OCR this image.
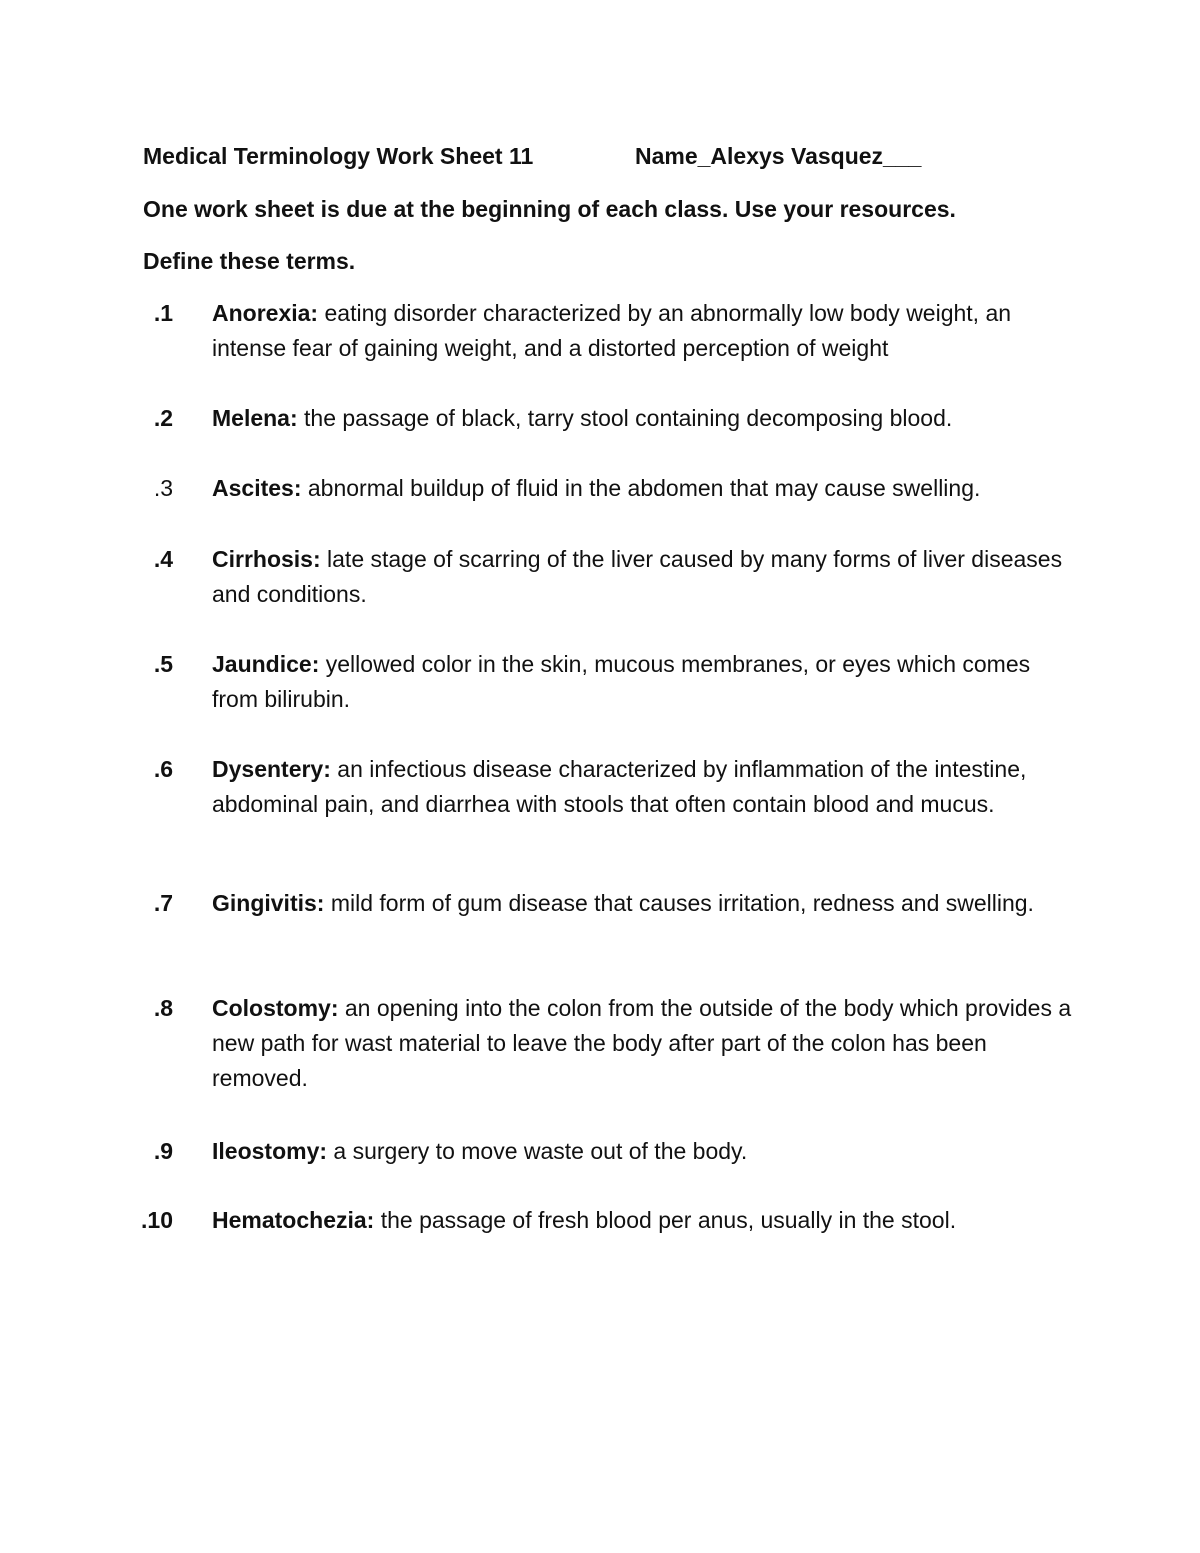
Medical Terminology Work Sheet 11	Name_Alexys Vasquez___
One work sheet is due at the beginning of each class. Use your resources.
Define these terms.
1. Anorexia: eating disorder characterized by an abnormally low body weight, an intense fear of gaining weight, and a distorted perception of weight
2. Melena: the passage of black, tarry stool containing decomposing blood.
3. Ascites: abnormal buildup of fluid in the abdomen that may cause swelling.
4. Cirrhosis: late stage of scarring of the liver caused by many forms of liver diseases and conditions.
5. Jaundice: yellowed color in the skin, mucous membranes, or eyes which comes from bilirubin.
6. Dysentery: an infectious disease characterized by inflammation of the intestine, abdominal pain, and diarrhea with stools that often contain blood and mucus.
7. Gingivitis: mild form of gum disease that causes irritation, redness and swelling.
8. Colostomy: an opening into the colon from the outside of the body which provides a new path for wast material to leave the body after part of the colon has been removed.
9. Ileostomy: a surgery to move waste out of the body.
10. Hematochezia: the passage of fresh blood per anus, usually in the stool.
